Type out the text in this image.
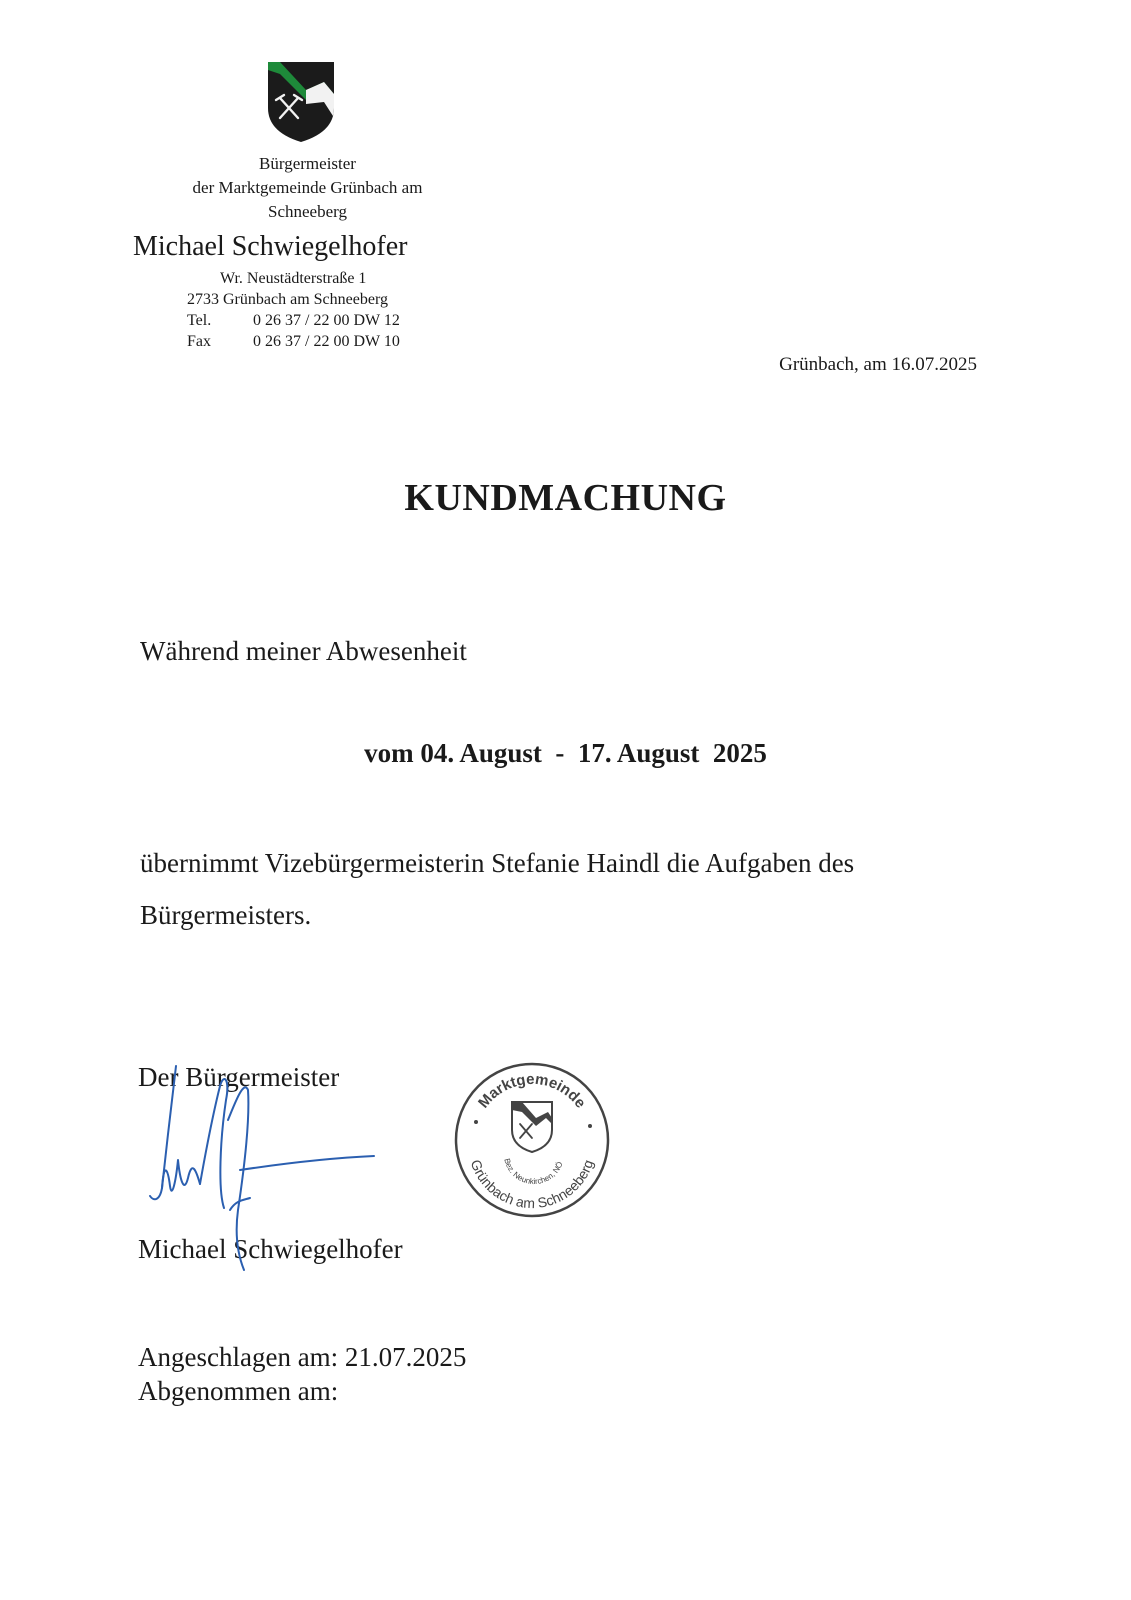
Bürgermeister
der Marktgemeinde Grünbach am
Schneeberg
Michael Schwiegelhofer
Wr. Neustädterstraße 1
2733 Grünbach am Schneeberg
Tel.	0 26 37 / 22 00 DW 12
Fax	0 26 37 / 22 00 DW 10
Grünbach, am 16.07.2025
KUNDMACHUNG
Während meiner Abwesenheit
vom 04. August  -  17. August  2025
übernimmt Vizebürgermeisterin Stefanie Haindl die Aufgaben des
Bürgermeisters.
Der Bürgermeister
Michael Schwiegelhofer
Marktgemeinde
Grünbach am Schneeberg
Bez. Neunkirchen, NÖ
Angeschlagen am: 21.07.2025
Abgenommen am:
